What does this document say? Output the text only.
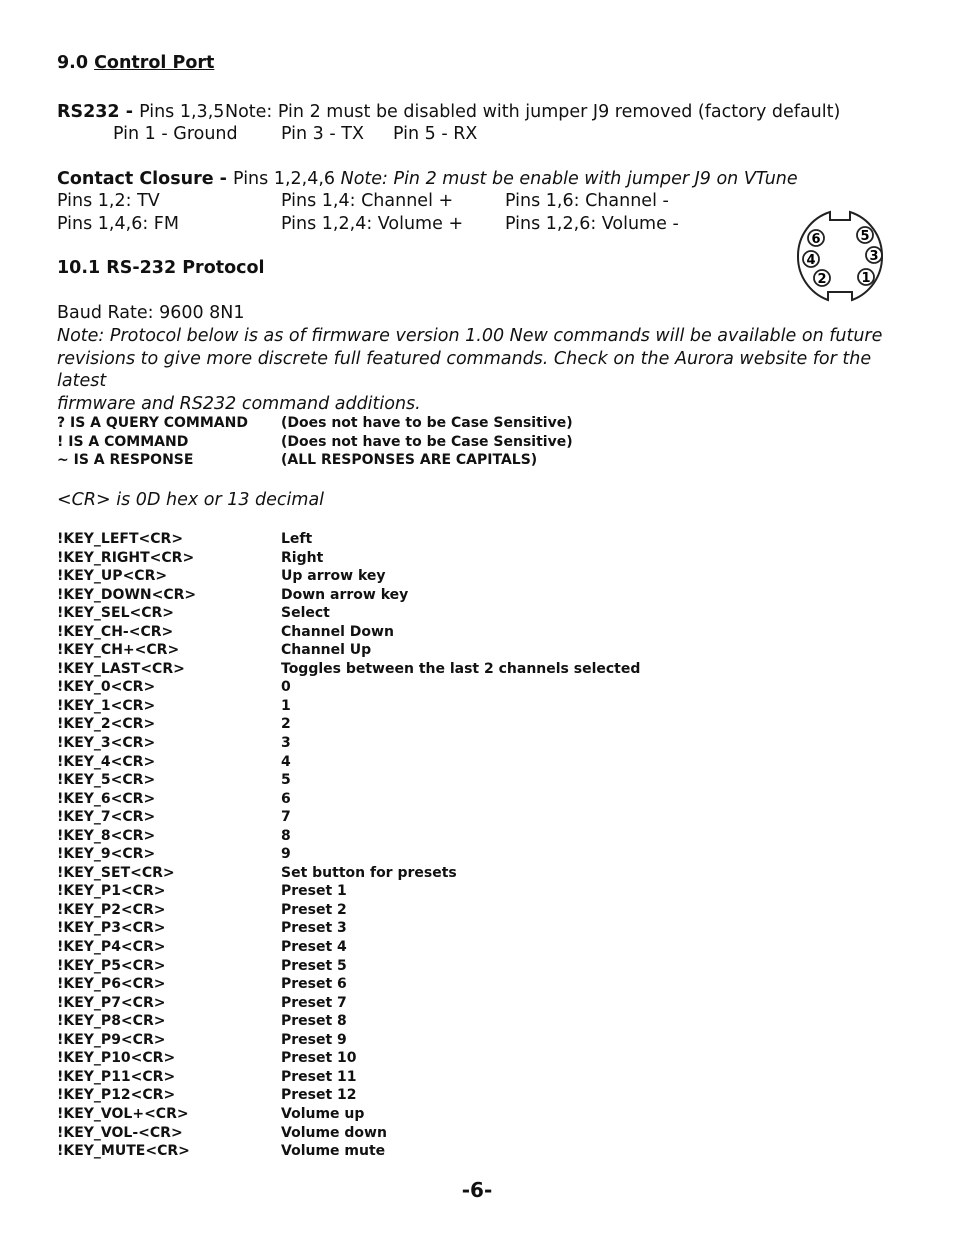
9.0 Control Port
RS232 - Pins 1,3,5 Note: Pin 2 must be disabled with jumper J9 removed (factory default)
Pin 1 - Ground Pin 3 - TX Pin 5 - RX
Contact Closure - Pins 1,2,4,6 Note: Pin 2 must be enable with jumper J9 on VTune
Pins 1,2: TV	Pins 1,4: Channel +	Pins 1,6: Channel -
Pins 1,4,6: FM	Pins 1,2,4: Volume + Pins 1,2,6: Volume -
6	5
4	3
2	1
10.1 RS-232 Protocol
Baud Rate: 9600 8N1
Note: Protocol below is as of firmware version 1.00 New commands will be available on future
revisions to give more discrete full featured commands. Check on the Aurora website for the latest
firmware and RS232 command additions.
? IS A QUERY COMMAND (Does not have to be Case Sensitive)
! IS A COMMAND	(Does not have to be Case Sensitive)
~ IS A RESPONSE	(ALL RESPONSES ARE CAPITALS)
<CR> is 0D hex or 13 decimal
!KEY_LEFT<CR>	Left
!KEY_RIGHT<CR>	Right
!KEY_UP<CR>	Up arrow key
!KEY_DOWN<CR>	Down arrow key
!KEY_SEL<CR>	Select
!KEY_CH-<CR>	Channel Down
!KEY_CH+<CR>	Channel Up
!KEY_LAST<CR>	Toggles between the last 2 channels selected
!KEY_0<CR>	0
!KEY_1<CR>	1
!KEY_2<CR>	2
!KEY_3<CR>	3
!KEY_4<CR>	4
!KEY_5<CR>	5
!KEY_6<CR>	6
!KEY_7<CR>	7
!KEY_8<CR>	8
!KEY_9<CR>	9
!KEY_SET<CR>	Set button for presets
!KEY_P1<CR>	Preset 1
!KEY_P2<CR>	Preset 2
!KEY_P3<CR>	Preset 3
!KEY_P4<CR>	Preset 4
!KEY_P5<CR>	Preset 5
!KEY_P6<CR>	Preset 6
!KEY_P7<CR>	Preset 7
!KEY_P8<CR>	Preset 8
!KEY_P9<CR>	Preset 9
!KEY_P10<CR>	Preset 10
!KEY_P11<CR>	Preset 11
!KEY_P12<CR>	Preset 12
!KEY_VOL+<CR>	Volume up
!KEY_VOL-<CR>	Volume down
!KEY_MUTE<CR>	Volume mute
-6-
